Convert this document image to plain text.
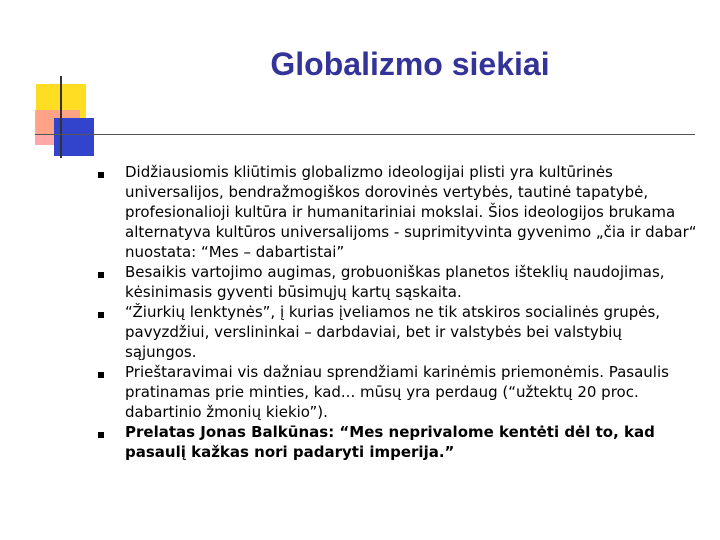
Globalizmo siekiai
Didžiausiomis kliūtimis globalizmo ideologijai plisti yra kultūrinės universalijos, bendražmogiškos dorovinės vertybės, tautinė tapatybė, profesionalioji kultūra ir humanitariniai mokslai. Šios ideologijos brukama alternatyva kultūros universalijoms - suprimityvinta gyvenimo „čia ir dabar“ nuostata: “Mes – dabartistai”
Besaikis vartojimo augimas, grobuoniškas planetos išteklių naudojimas, kėsinimasis gyventi būsimųjų kartų sąskaita.
“Žiurkių lenktynės”, į kurias įveliamos ne tik atskiros socialinės grupės, pavyzdžiui, verslininkai – darbdaviai, bet ir valstybės bei valstybių sąjungos.
Prieštaravimai vis dažniau sprendžiami karinėmis priemonėmis. Pasaulis pratinamas prie minties, kad... mūsų yra perdaug (“užtektų 20 proc. dabartinio žmonių kiekio”).
Prelatas Jonas Balkūnas: “Mes neprivalome kentėti dėl to, kad pasaulį kažkas nori padaryti imperija.”
